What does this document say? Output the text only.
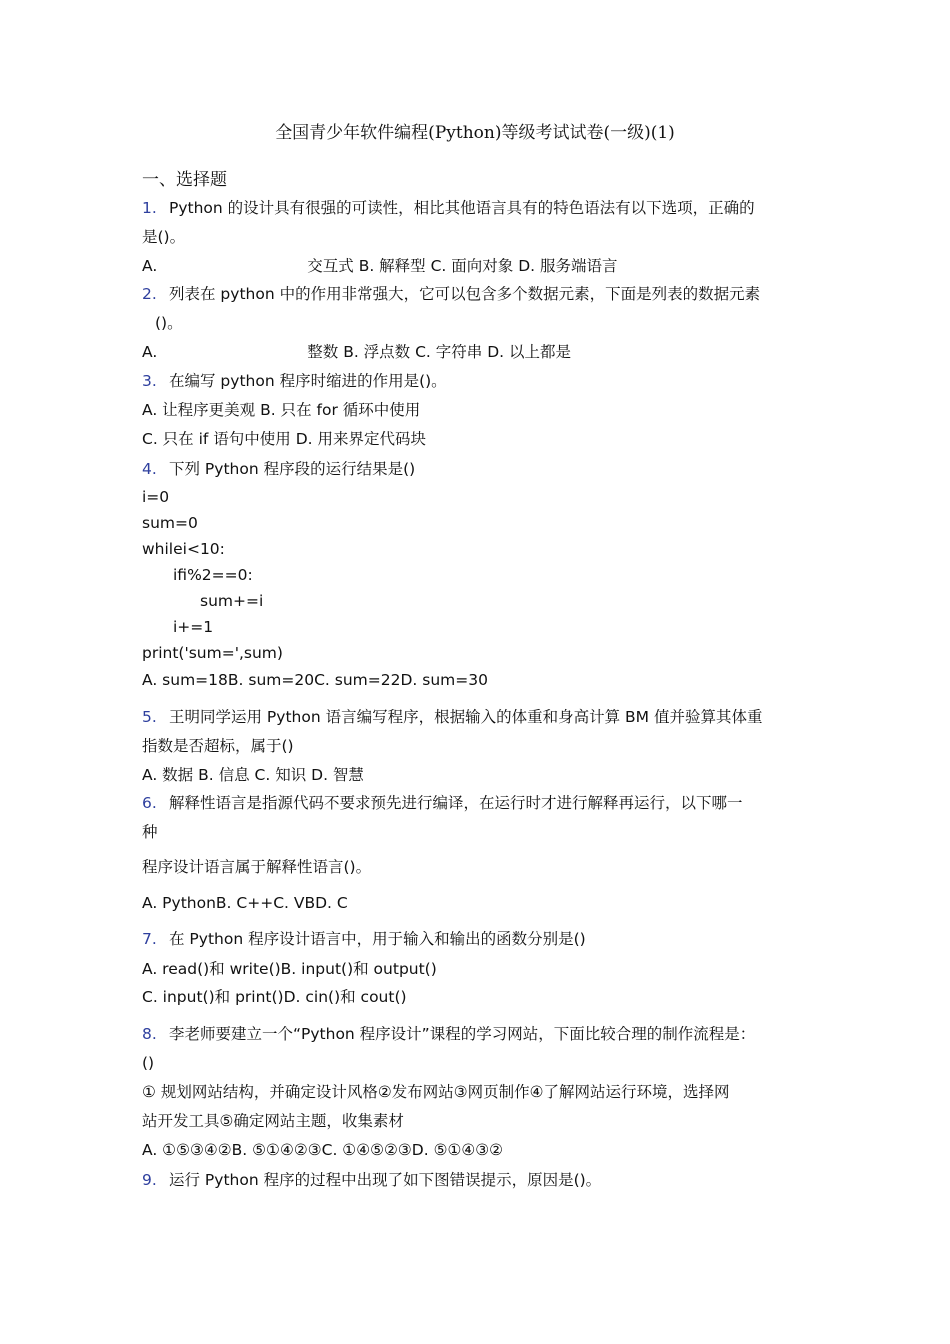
全国青少年软件编程(Python)等级考试试卷(一级)(1)
一、选择题
1. Python 的设计具有很强的可读性，相比其他语言具有的特色语法有以下选项，正确的
是()。
A.	交互式 B. 解释型 C. 面向对象 D. 服务端语言
2. 列表在 python 中的作用非常强大，它可以包含多个数据元素，下面是列表的数据元素
()。
A.	整数 B. 浮点数 C. 字符串 D. 以上都是
3. 在编写 python 程序时缩进的作用是()。
A. 让程序更美观 B. 只在 for 循环中使用
C. 只在 if 语句中使用 D. 用来界定代码块
4. 下列 Python 程序段的运行结果是()
i=0
sum=0
whilei<10:
ifi%2==0:
sum+=i
i+=1
print('sum=',sum)
A. sum=18B. sum=20C. sum=22D. sum=30
5. 王明同学运用 Python 语言编写程序，根据输入的体重和身高计算 BM 值并验算其体重
指数是否超标，属于()
A. 数据 B. 信息 C. 知识 D. 智慧
6. 解释性语言是指源代码不要求预先进行编译，在运行时才进行解释再运行，以下哪一
种
程序设计语言属于解释性语言()。
A. PythonB. C++C. VBD. C
7. 在 Python 程序设计语言中，用于输入和输出的函数分别是()
A. read()和 write()B. input()和 output()
C. input()和 print()D. cin()和 cout()
8. 李老师要建立一个“Python 程序设计”课程的学习网站，下面比较合理的制作流程是：
()
① 规划网站结构，并确定设计风格②发布网站③网页制作④了解网站运行环境，选择网
站开发工具⑤确定网站主题，收集素材
A. ①⑤③④②B. ⑤①④②③C. ①④⑤②③D. ⑤①④③②
9. 运行 Python 程序的过程中出现了如下图错误提示，原因是()。
